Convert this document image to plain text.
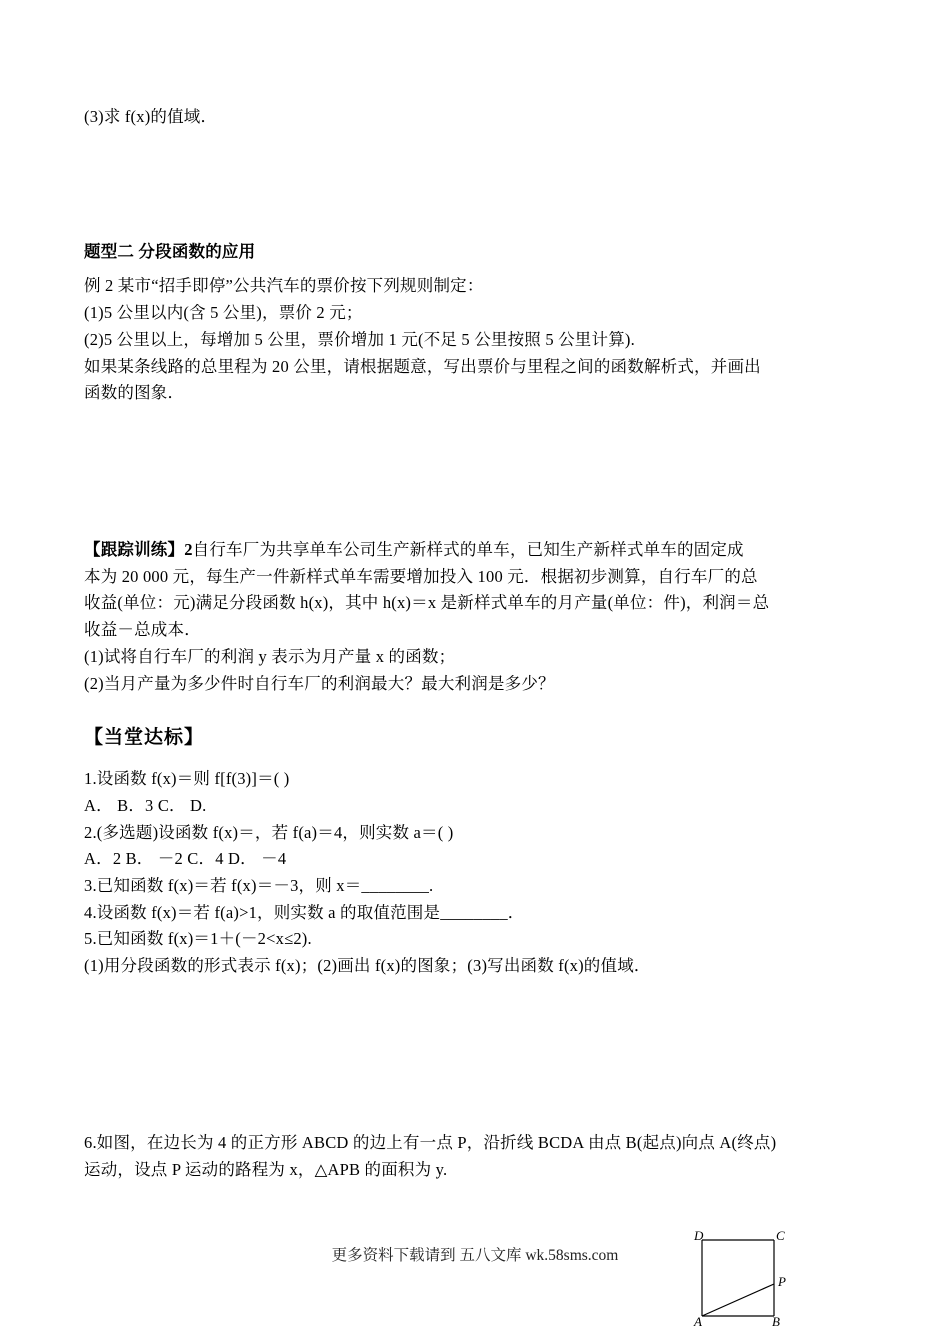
(3)求 f(x)的值域．

题型二 分段函数的应用

例 2 某市“招手即停”公共汽车的票价按下列规则制定：

(1)5 公里以内(含 5 公里)，票价 2 元；

(2)5 公里以上，每增加 5 公里，票价增加 1 元(不足 5 公里按照 5 公里计算).

如果某条线路的总里程为 20 公里，请根据题意，写出票价与里程之间的函数解析式，并画出

函数的图象．

【跟踪训练】2自行车厂为共享单车公司生产新样式的单车，已知生产新样式单车的固定成

本为 20 000 元，每生产一件新样式单车需要增加投入 100 元．根据初步测算，自行车厂的总

收益(单位：元)满足分段函数 h(x)，其中 h(x)＝x 是新样式单车的月产量(单位：件)，利润＝总

收益－总成本．

(1)试将自行车厂的利润 y 表示为月产量 x 的函数；

(2)当月产量为多少件时自行车厂的利润最大？最大利润是多少？

【当堂达标】

1.设函数 f(x)＝则 f[f(3)]＝( )

A． B．3 C． D.

2.(多选题)设函数 f(x)＝，若 f(a)＝4，则实数 a＝( )

A．2 B． －2 C．4 D． －4

3.已知函数 f(x)＝若 f(x)＝－3，则 x＝________.

4.设函数 f(x)＝若 f(a)>1，则实数 a 的取值范围是________．

5.已知函数 f(x)＝1＋(－2<x≤2).

(1)用分段函数的形式表示 f(x)；(2)画出 f(x)的图象；(3)写出函数 f(x)的值域．

6.如图，在边长为 4 的正方形 ABCD 的边上有一点 P，沿折线 BCDA 由点 B(起点)向点 A(终点)

运动，设点 P 运动的路程为 x，△APB 的面积为 y.

更多资料下载请到 五八文库 wk.58sms.com
A	B
C
D
P
